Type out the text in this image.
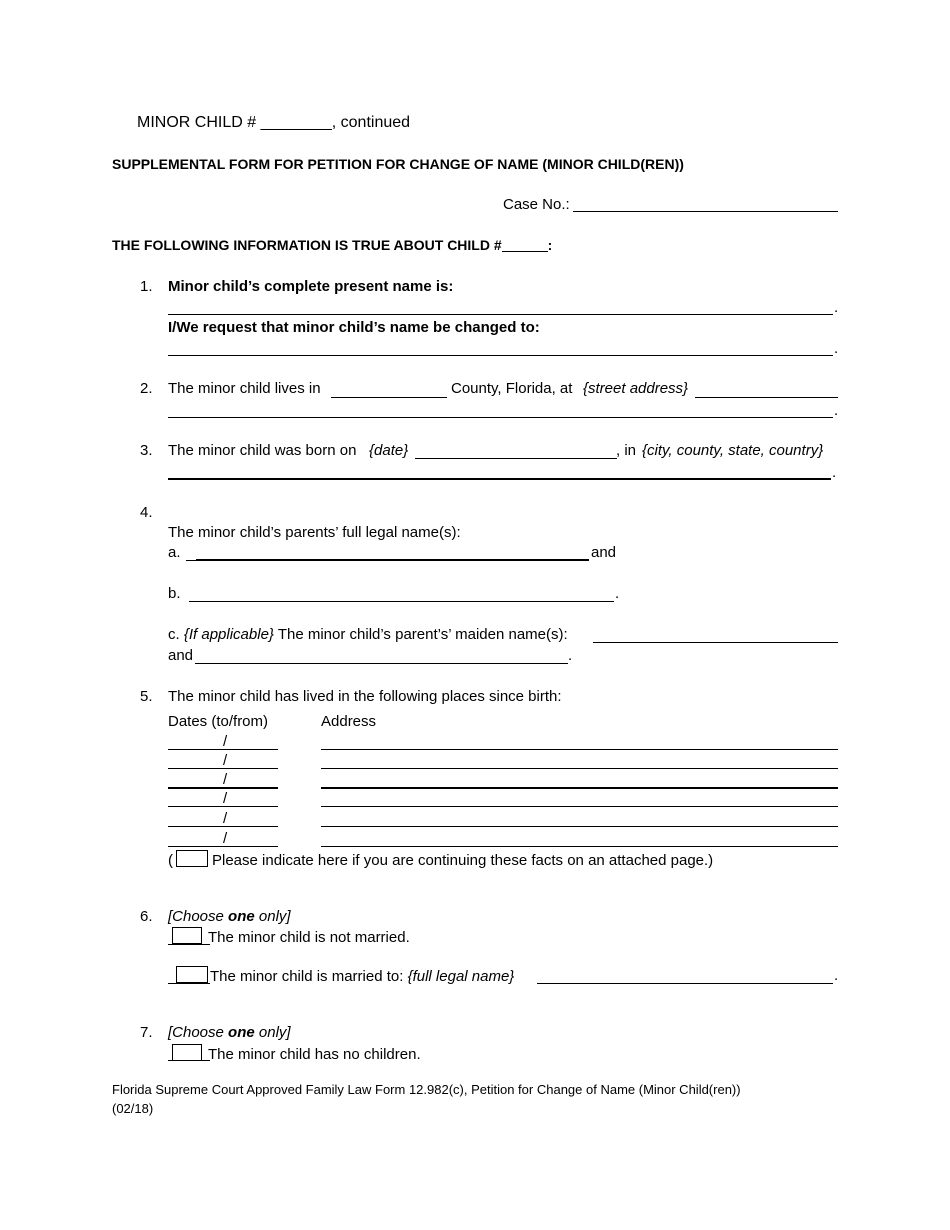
MINOR CHILD # ________, continued
SUPPLEMENTAL FORM FOR PETITION FOR CHANGE OF NAME (MINOR CHILD(REN))
Case No.:
THE FOLLOWING INFORMATION IS TRUE ABOUT CHILD #	:
1. Minor child’s complete present name is:
.
I/We request that minor child’s name be changed to:
.
2. The minor child lives in	County, Florida, at {street address}
.
3. The minor child was born on {date}	, in {city, county, state, country}
.
4.
The minor child’s parents’ full legal name(s):
a.	and
b.	.
c. {If applicable} The minor child’s parent’s’ maiden name(s):
and	.
5. The minor child has lived in the following places since birth:
Dates (to/from)	Address
/
/
/
/
/
/
(	Please indicate here if you are continuing these facts on an attached page.)
6. [Choose one only]
The minor child is not married.
The minor child is married to: {full legal name}	.
7. [Choose one only]
The minor child has no children.
Florida Supreme Court Approved Family Law Form 12.982(c), Petition for Change of Name (Minor Child(ren))
(02/18)
